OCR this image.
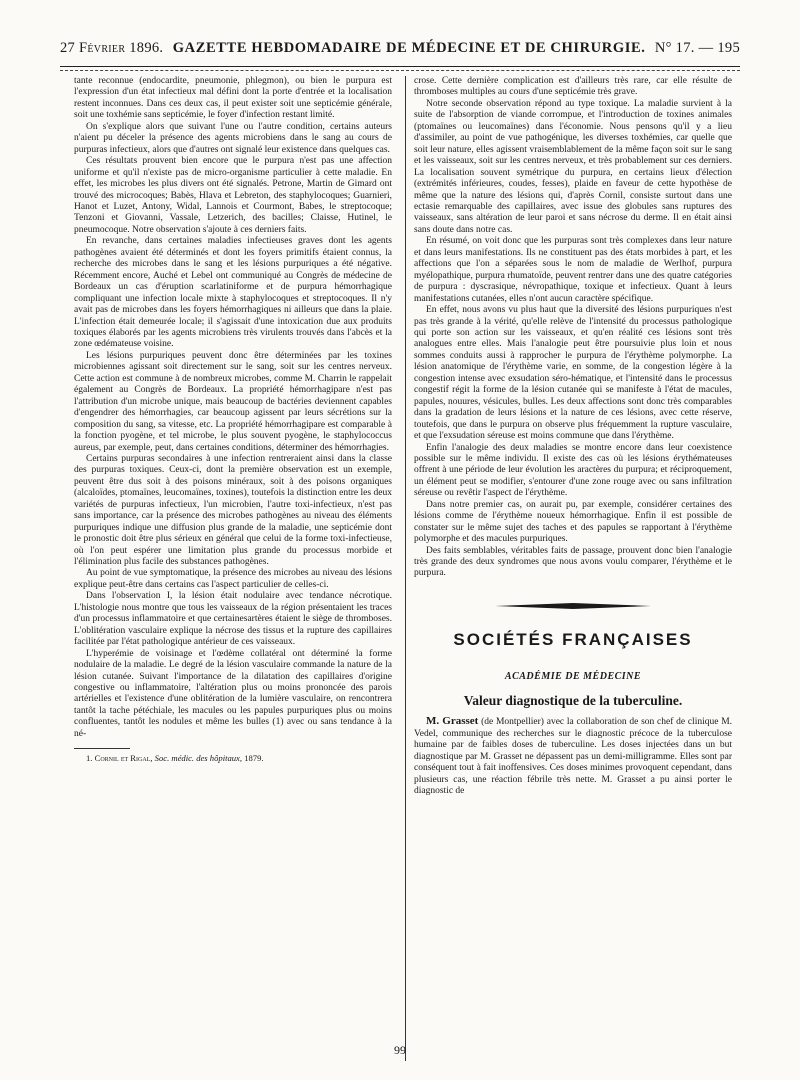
27 Février 1896. GAZETTE HEBDOMADAIRE DE MÉDECINE ET DE CHIRURGIE. N° 17. — 195

tante reconnue (endocardite, pneumonie, phlegmon), ou bien le purpura est l'expression d'un état infectieux mal défini dont la porte d'entrée et la localisation restent inconnues. Dans ces deux cas, il peut exister soit une septicémie générale, soit une toxhémie sans septicémie, le foyer d'infection restant limité.

On s'explique alors que suivant l'une ou l'autre condition, certains auteurs n'aient pu déceler la présence des agents microbiens dans le sang au cours de purpuras infectieux, alors que d'autres ont signalé leur existence dans quelques cas.

Ces résultats prouvent bien encore que le purpura n'est pas une affection uniforme et qu'il n'existe pas de micro-organisme particulier à cette maladie. En effet, les microbes les plus divers ont été signalés. Petrone, Martin de Gimard ont trouvé des microcoques; Babès, Hlava et Lebreton, des staphylocoques; Guarnieri, Hanot et Luzet, Antony, Widal, Lannois et Courmont, Babes, le streptocoque; Tenzoni et Giovanni, Vassale, Letzerich, des bacilles; Claisse, Hutinel, le pneumocoque. Notre observation s'ajoute à ces derniers faits.

En revanche, dans certaines maladies infectieuses graves dont les agents pathogènes avaient été déterminés et dont les foyers primitifs étaient connus, la recherche des microbes dans le sang et les lésions purpuriques a été négative. Récemment encore, Auché et Lebel ont communiqué au Congrès de médecine de Bordeaux un cas d'éruption scarlatiniforme et de purpura hémorrhagique compliquant une infection locale mixte à staphylocoques et streptocoques. Il n'y avait pas de microbes dans les foyers hémorrhagiques ni ailleurs que dans la plaie. L'infection était demeurée locale; il s'agissait d'une intoxication due aux produits toxiques élaborés par les agents microbiens très virulents trouvés dans l'abcès et la zone œdémateuse voisine.

Les lésions purpuriques peuvent donc être déterminées par les toxines microbiennes agissant soit directement sur le sang, soit sur les centres nerveux. Cette action est commune à de nombreux microbes, comme M. Charrin le rappelait également au Congrès de Bordeaux. La propriété hémorrhagipare n'est pas l'attribution d'un microbe unique, mais beaucoup de bactéries deviennent capables d'engendrer des hémorrhagies, car beaucoup agissent par leurs sécrétions sur la composition du sang, sa vitesse, etc. La propriété hémorrhagipare est comparable à la fonction pyogène, et tel microbe, le plus souvent pyogène, le staphylococcus aureus, par exemple, peut, dans certaines conditions, déterminer des hémorrhagies.

Certains purpuras secondaires à une infection rentreraient ainsi dans la classe des purpuras toxiques. Ceux-ci, dont la première observation est un exemple, peuvent être dus soit à des poisons minéraux, soit à des poisons organiques (alcaloïdes, ptomaïnes, leucomaïnes, toxines), toutefois la distinction entre les deux variétés de purpuras infectieux, l'un microbien, l'autre toxi-infectieux, n'est pas sans importance, car la présence des microbes pathogènes au niveau des éléments purpuriques indique une diffusion plus grande de la maladie, une septicémie dont le pronostic doit être plus sérieux en général que celui de la forme toxi-infectieuse, où l'on peut espérer une limitation plus grande du processus morbide et l'élimination plus facile des substances pathogènes.

Au point de vue symptomatique, la présence des microbes au niveau des lésions explique peut-être dans certains cas l'aspect particulier de celles-ci.

Dans l'observation I, la lésion était nodulaire avec tendance nécrotique. L'histologie nous montre que tous les vaisseaux de la région présentaient les traces d'un processus inflammatoire et que certainesartères étaient le siège de thromboses. L'oblitération vasculaire explique la nécrose des tissus et la rupture des capillaires facilitée par l'état pathologique antérieur de ces vaisseaux.

L'hyperémie de voisinage et l'œdème collatéral ont déterminé la forme nodulaire de la maladie. Le degré de la lésion vasculaire commande la nature de la lésion cutanée. Suivant l'importance de la dilatation des capillaires d'origine congestive ou inflammatoire, l'altération plus ou moins prononcée des parois artérielles et l'existence d'une oblitération de la lumière vasculaire, on rencontrera tantôt la tache pétéchiale, les macules ou les papules purpuriques plus ou moins confluentes, tantôt les nodules et même les bulles (1) avec ou sans tendance à la né-

1. Cornil et Rigal, Soc. médic. des hôpitaux, 1879.

crose. Cette dernière complication est d'ailleurs très rare, car elle résulte de thromboses multiples au cours d'une septicémie très grave.

Notre seconde observation répond au type toxique. La maladie survient à la suite de l'absorption de viande corrompue, et l'introduction de toxines animales (ptomaïnes ou leucomaïnes) dans l'économie. Nous pensons qu'il y a lieu d'assimiler, au point de vue pathogénique, les diverses toxhémies, car quelle que soit leur nature, elles agissent vraisemblablement de la même façon soit sur le sang et les vaisseaux, soit sur les centres nerveux, et très probablement sur ces derniers. La localisation souvent symétrique du purpura, en certains lieux d'élection (extrémités inférieures, coudes, fesses), plaide en faveur de cette hypothèse de même que la nature des lésions qui, d'après Cornil, consiste surtout dans une ectasie remarquable des capillaires, avec issue des globules sans ruptures des vaisseaux, sans altération de leur paroi et sans nécrose du derme. Il en était ainsi sans doute dans notre cas.

En résumé, on voit donc que les purpuras sont très complexes dans leur nature et dans leurs manifestations. Ils ne constituent pas des états morbides à part, et les affections que l'on a séparées sous le nom de maladie de Werlhof, purpura myélopathique, purpura rhumatoïde, peuvent rentrer dans une des quatre catégories de purpura : dyscrasique, névropathique, toxique et infectieux. Quant à leurs manifestations cutanées, elles n'ont aucun caractère spécifique.

En effet, nous avons vu plus haut que la diversité des lésions purpuriques n'est pas très grande à la vérité, qu'elle relève de l'intensité du processus pathologique qui porte son action sur les vaisseaux, et qu'en réalité ces lésions sont très analogues entre elles. Mais l'analogie peut être poursuivie plus loin et nous sommes conduits aussi à rapprocher le purpura de l'érythème polymorphe. La lésion anatomique de l'érythème varie, en somme, de la congestion légère à la congestion intense avec exsudation séro-hématique, et l'intensité dans le processus congestif régit la forme de la lésion cutanée qui se manifeste à l'état de macules, papules, nouures, vésicules, bulles. Les deux affections sont donc très comparables dans la gradation de leurs lésions et la nature de ces lésions, avec cette réserve, toutefois, que dans le purpura on observe plus fréquemment la rupture vasculaire, et que l'exsudation séreuse est moins commune que dans l'érythème.

Enfin l'analogie des deux maladies se montre encore dans leur coexistence possible sur le même individu. Il existe des cas où les lésions érythémateuses offrent à une période de leur évolution les aractères du purpura; et réciproquement, un élément peut se modifier, s'entourer d'une zone rouge avec ou sans infiltration séreuse ou revêtir l'aspect de l'érythème.

Dans notre premier cas, on aurait pu, par exemple, considérer certaines des lésions comme de l'érythème noueux hémorrhagique. Enfin il est possible de constater sur le même sujet des taches et des papules se rapportant à l'érythème polymorphe et des macules purpuriques.

Des faits semblables, véritables faits de passage, prouvent donc bien l'analogie très grande des deux syndromes que nous avons voulu comparer, l'érythème et le purpura.

SOCIÉTÉS FRANÇAISES
ACADÉMIE DE MÉDECINE
Valeur diagnostique de la tuberculine.

M. Grasset (de Montpellier) avec la collaboration de son chef de clinique M. Vedel, communique des recherches sur le diagnostic précoce de la tuberculose humaine par de faibles doses de tuberculine. Les doses injectées dans un but diagnostique par M. Grasset ne dépassent pas un demi-milligramme. Elles sont par conséquent tout à fait inoffensives. Ces doses minimes provoquent cependant, dans plusieurs cas, une réaction fébrile très nette. M. Grasset a pu ainsi porter le diagnostic de

99
